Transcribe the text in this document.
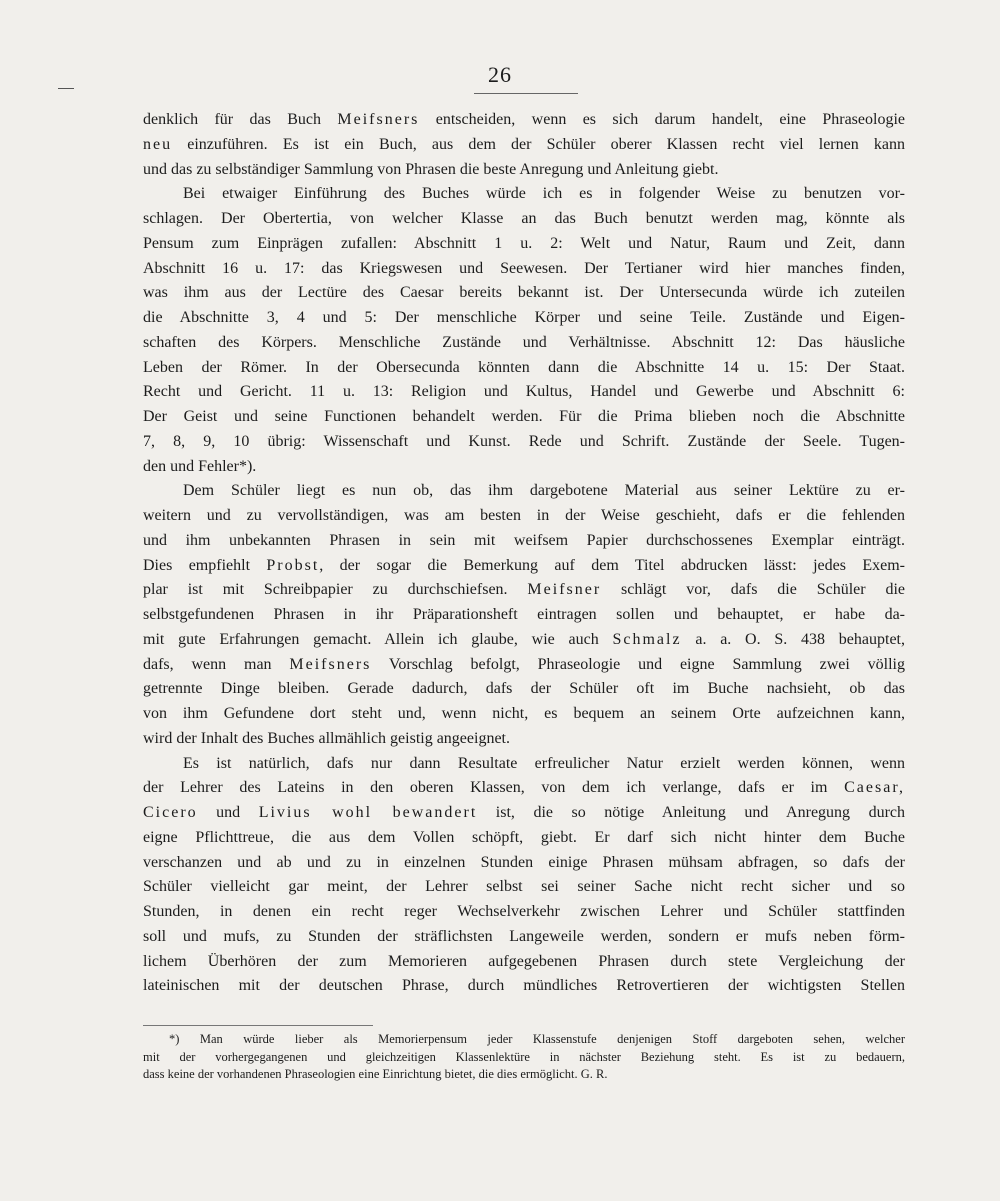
26
denklich für das Buch Meifsners entscheiden, wenn es sich darum handelt, eine Phraseologie
neu einzuführen. Es ist ein Buch, aus dem der Schüler oberer Klassen recht viel lernen kann
und das zu selbständiger Sammlung von Phrasen die beste Anregung und Anleitung giebt.
Bei etwaiger Einführung des Buches würde ich es in folgender Weise zu benutzen vor-
schlagen. Der Obertertia, von welcher Klasse an das Buch benutzt werden mag, könnte als
Pensum zum Einprägen zufallen: Abschnitt 1 u. 2: Welt und Natur, Raum und Zeit, dann
Abschnitt 16 u. 17: das Kriegswesen und Seewesen. Der Tertianer wird hier manches finden,
was ihm aus der Lectüre des Caesar bereits bekannt ist. Der Untersecunda würde ich zuteilen
die Abschnitte 3, 4 und 5: Der menschliche Körper und seine Teile. Zustände und Eigen-
schaften des Körpers. Menschliche Zustände und Verhältnisse. Abschnitt 12: Das häusliche
Leben der Römer. In der Obersecunda könnten dann die Abschnitte 14 u. 15: Der Staat.
Recht und Gericht. 11 u. 13: Religion und Kultus, Handel und Gewerbe und Abschnitt 6:
Der Geist und seine Functionen behandelt werden. Für die Prima blieben noch die Abschnitte
7, 8, 9, 10 übrig: Wissenschaft und Kunst. Rede und Schrift. Zustände der Seele. Tugen-
den und Fehler*).
Dem Schüler liegt es nun ob, das ihm dargebotene Material aus seiner Lektüre zu er-
weitern und zu vervollständigen, was am besten in der Weise geschieht, dafs er die fehlenden
und ihm unbekannten Phrasen in sein mit weifsem Papier durchschossenes Exemplar einträgt.
Dies empfiehlt Probst, der sogar die Bemerkung auf dem Titel abdrucken lässt: jedes Exem-
plar ist mit Schreibpapier zu durchschiefsen. Meifsner schlägt vor, dafs die Schüler die
selbstgefundenen Phrasen in ihr Präparationsheft eintragen sollen und behauptet, er habe da-
mit gute Erfahrungen gemacht. Allein ich glaube, wie auch Schmalz a. a. O. S. 438 behauptet,
dafs, wenn man Meifsners Vorschlag befolgt, Phraseologie und eigne Sammlung zwei völlig
getrennte Dinge bleiben. Gerade dadurch, dafs der Schüler oft im Buche nachsieht, ob das
von ihm Gefundene dort steht und, wenn nicht, es bequem an seinem Orte aufzeichnen kann,
wird der Inhalt des Buches allmählich geistig angeeignet.
Es ist natürlich, dafs nur dann Resultate erfreulicher Natur erzielt werden können, wenn
der Lehrer des Lateins in den oberen Klassen, von dem ich verlange, dafs er im Caesar,
Cicero und Livius wohl bewandert ist, die so nötige Anleitung und Anregung durch
eigne Pflichttreue, die aus dem Vollen schöpft, giebt. Er darf sich nicht hinter dem Buche
verschanzen und ab und zu in einzelnen Stunden einige Phrasen mühsam abfragen, so dafs der
Schüler vielleicht gar meint, der Lehrer selbst sei seiner Sache nicht recht sicher und so
Stunden, in denen ein recht reger Wechselverkehr zwischen Lehrer und Schüler stattfinden
soll und mufs, zu Stunden der sträflichsten Langeweile werden, sondern er mufs neben förm-
lichem Überhören der zum Memorieren aufgegebenen Phrasen durch stete Vergleichung der
lateinischen mit der deutschen Phrase, durch mündliches Retrovertieren der wichtigsten Stellen
*) Man würde lieber als Memorierpensum jeder Klassenstufe denjenigen Stoff dargeboten sehen, welcher
mit der vorhergegangenen und gleichzeitigen Klassenlektüre in nächster Beziehung steht. Es ist zu bedauern,
dass keine der vorhandenen Phraseologien eine Einrichtung bietet, die dies ermöglicht. G. R.
